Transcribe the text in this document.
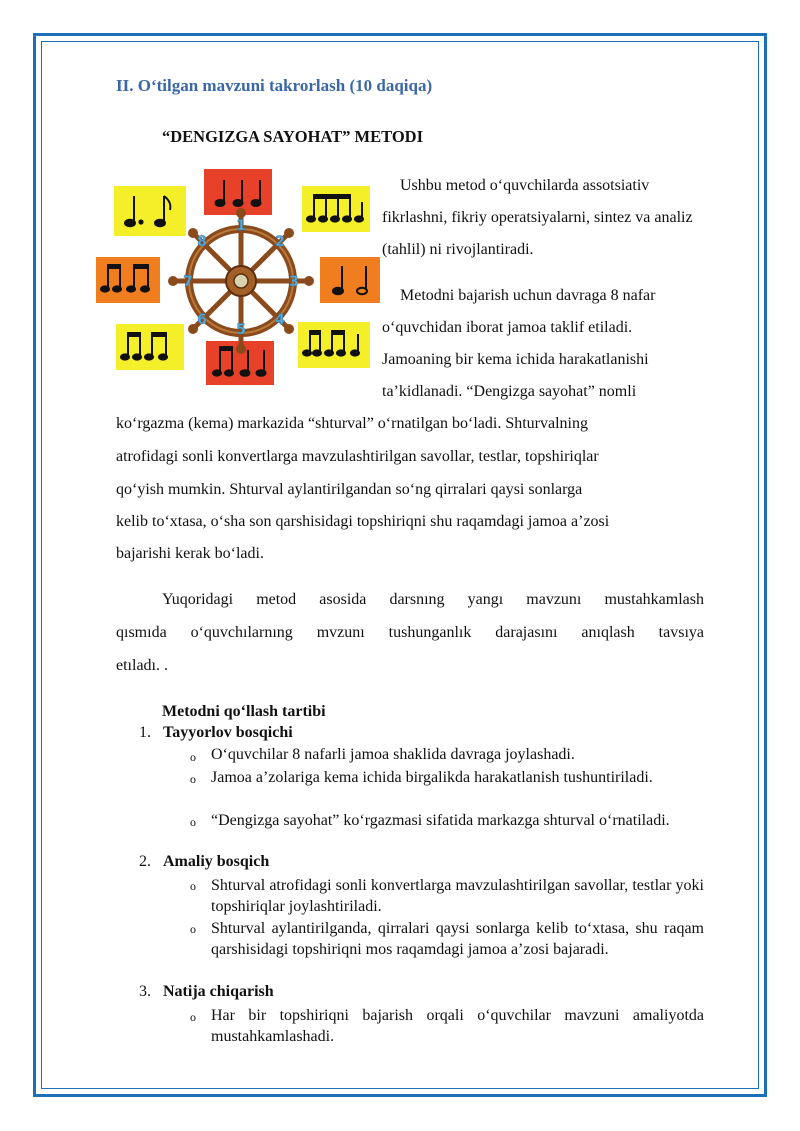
II. O‘tilgan mavzuni takrorlash (10 daqiqa)
“DENGIZGA SAYOHAT” METODI
1
2
3
4
5
6
7
8
Ushbu metod o‘quvchilarda assotsiativ fikrlashni, fikriy operatsiyalarni, sintez va analiz (tahlil) ni rivojlantiradi.
Metodni bajarish uchun davraga 8 nafar o‘quvchidan iborat jamoa taklif etiladi. Jamoaning bir kema ichida harakatlanishi ta’kidlanadi. “Dengizga sayohat” nomli
ko‘rgazma (kema) markazida “shturval” o‘rnatilgan bo‘ladi. Shturvalning
atrofidagi sonli konvertlarga mavzulashtirilgan savollar, testlar, topshiriqlar
qo‘yish mumkin. Shturval aylantirilgandan so‘ng qirralari qaysi sonlarga
kelib to‘xtasa, o‘sha son qarshisidagi topshiriqni shu raqamdagi jamoa a’zosi
bajarishi kerak bo‘ladi.
Yuqoridagi metod asosida darsnıng yangı mavzunı mustahkamlash
qısmıda o‘quvchılarnıng mvzunı tushunganlık darajasını anıqlash tavsıya
etıladı. .
Metodni qo‘llash tartibi
1. Tayyorlov bosqichi
o O‘quvchilar 8 nafarli jamoa shaklida davraga joylashadi.
o Jamoa a’zolariga kema ichida birgalikda harakatlanish tushuntiriladi.
o “Dengizga sayohat” ko‘rgazmasi sifatida markazga shturval o‘rnatiladi.
2. Amaliy bosqich
o Shturval atrofidagi sonli konvertlarga mavzulashtirilgan savollar, testlar yoki topshiriqlar joylashtiriladi.
o Shturval aylantirilganda, qirralari qaysi sonlarga kelib to‘xtasa, shu raqam qarshisidagi topshiriqni mos raqamdagi jamoa a’zosi bajaradi.
3. Natija chiqarish
o Har bir topshiriqni bajarish orqali o‘quvchilar mavzuni amaliyotda mustahkamlashadi.
